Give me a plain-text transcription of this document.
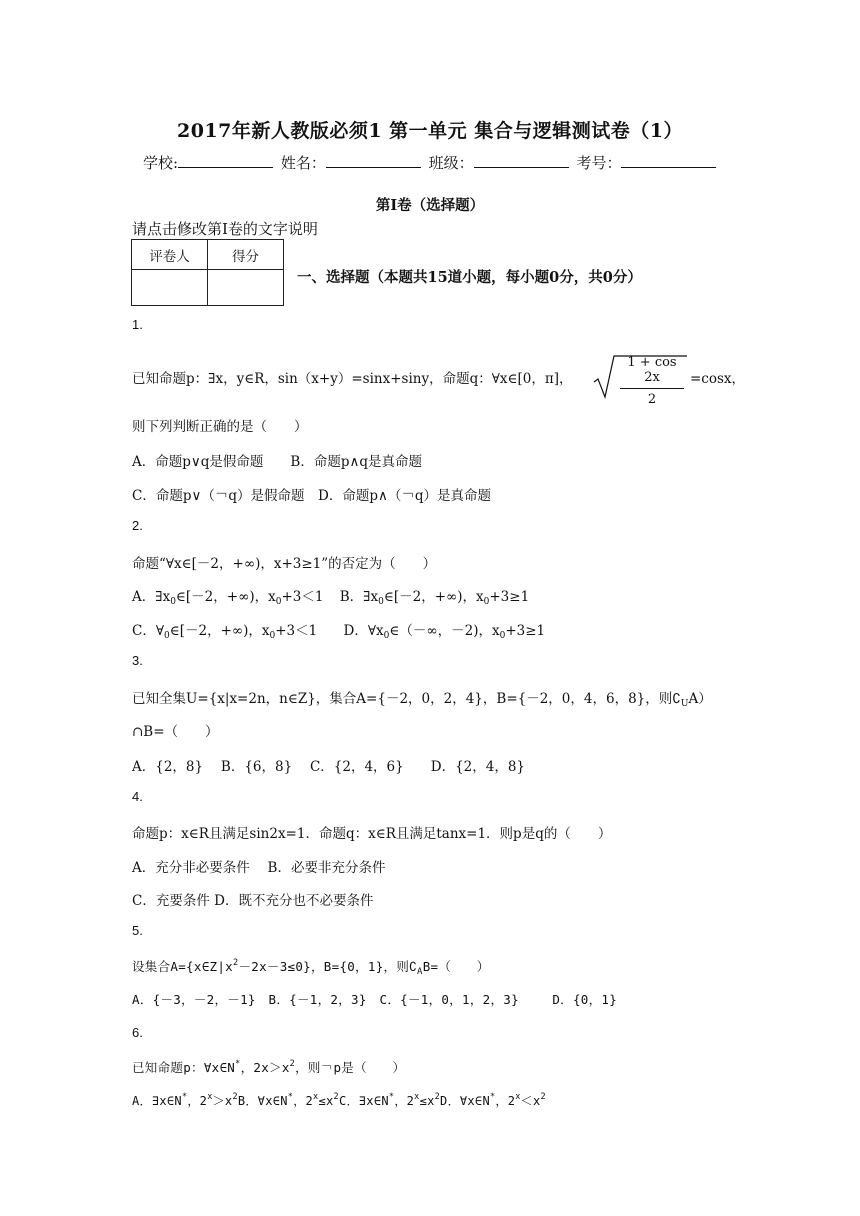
2017年新人教版必须1 第一单元 集合与逻辑测试卷（1）
学校:	姓名：	班级：	考号：
第I卷（选择题）
请点击修改第I卷的文字说明
评卷人	得分

一、选择题（本题共15道小题，每小题0分，共0分）
1.
已知命题p：∃x，y∈R，sin（x+y）=sinx+siny，命题q：∀x∈[0，π]，	$\frac{1 + \cos 2x}{2} =\cos x$，
则下列判断正确的是（　　）
A．命题p∨q是假命题　　B．命题p∧q是真命题
C．命题p∨（￢q）是假命题　D．命题p∧（￢q）是真命题
2.
命题“∀x∈[－2，+∞)，x+3≥1”的否定为（　　）
A．$\exists x_0\in[-2$，+∞)，$x_0+3<1$ B．$\exists x_0\in[-2$，+∞)，$x_0+3\ge 1$
C．$\forall_0\in[-2$，+∞)，$x_0+3<1$ D．$\forall x_0\in(-\infty$，－2)，$x_0+3\ge 1$
3.
已知全集U={x|x=2n，n∈Z}，集合A={－2，0，2，4}，B={－2，0，4，6，8}，则$∁_UA$）
∩B=（　　）
A．{2，8}　 B．{6，8}　 C．{2，4，6}　　D．{2，4，8}
4.
命题p：x∈R且满足sin2x=1．命题q：x∈R且满足tanx=1．则p是q的（　　）
A．充分非必要条件　 B．必要非充分条件
C．充要条件 D．既不充分也不必要条件
5.
设集合$A=\{x\in Z|x^2-2x-3\le 0\}$，B={0，1}，则$∁_AB=$（　　）
A．{－3，－2，－1}　B．{－1，2，3}　C．{－1，0，1，2，3}　　 D．{0，1}
6.
已知命题p：∀x∈N*，$2x>x^2$，则￢p是（　　）
A．∃x∈N*，$2^x>x^2B$．∀x∈N*，$2^x\le x^2C$．∃x∈N*，$2^x\le x^2D$．∀x∈N*，$2^x<x^2$
